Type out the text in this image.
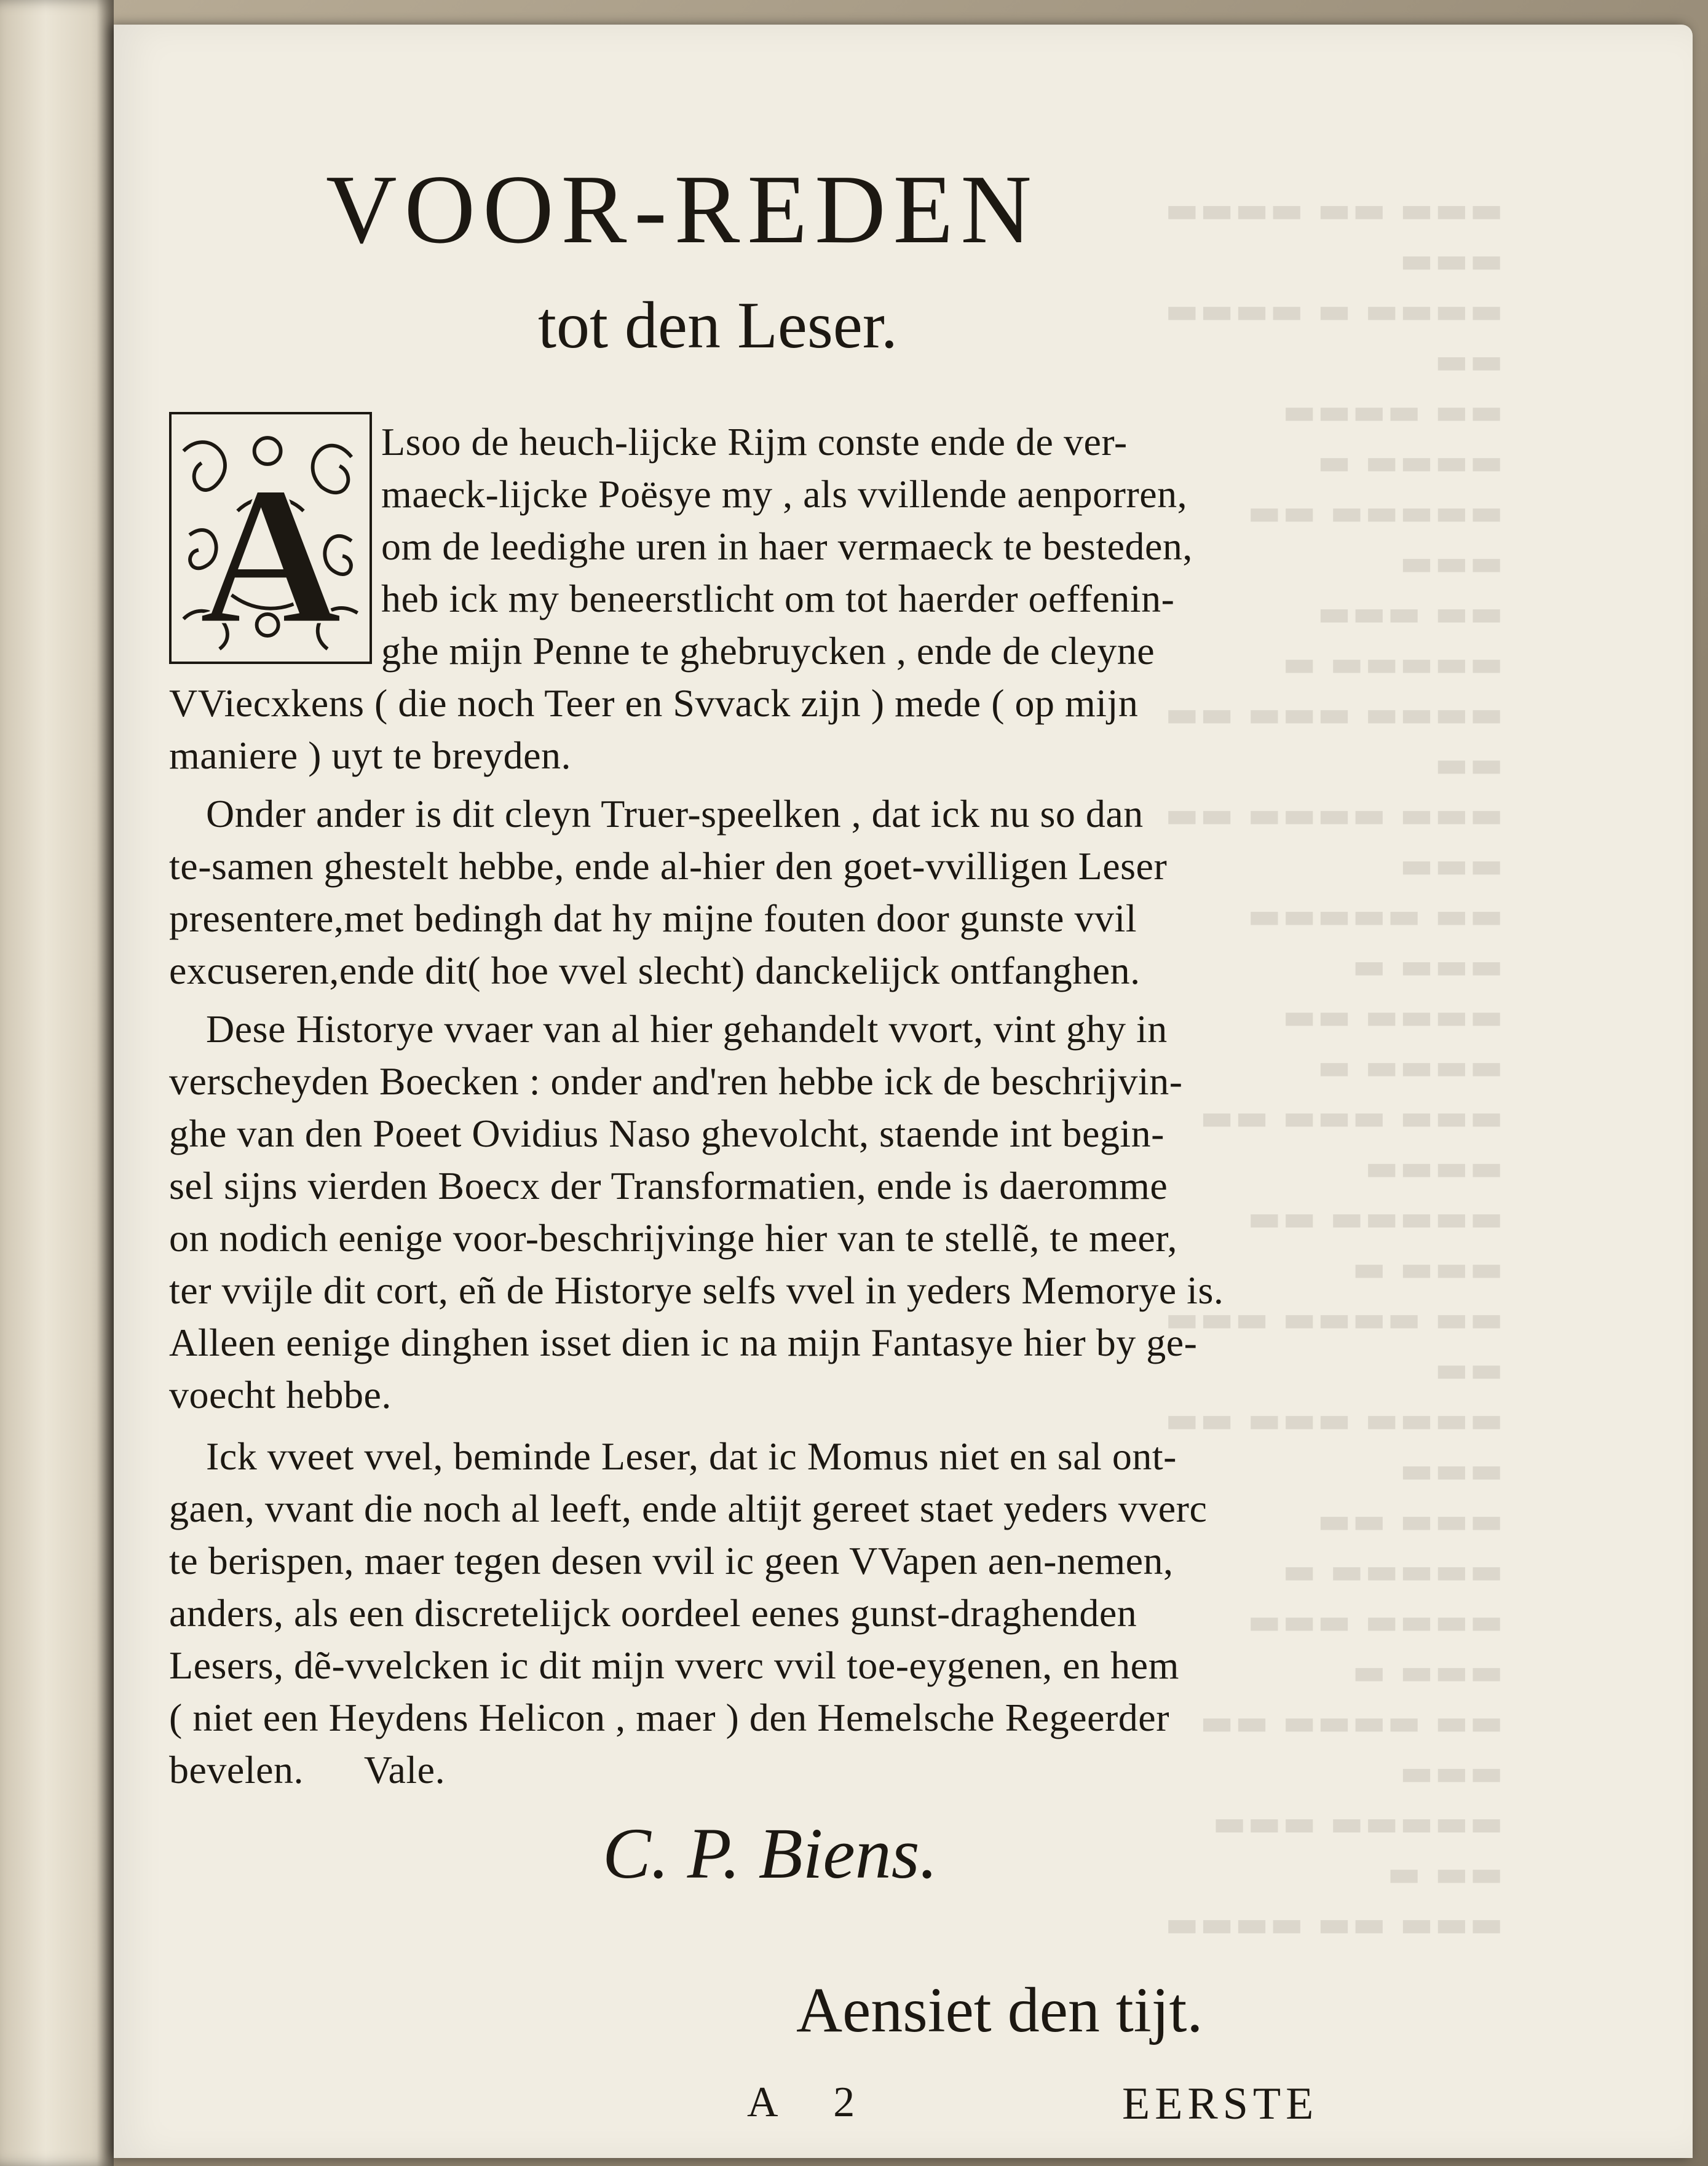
▬▬▬ ▬▬ ▬▬▬▬ ▬▬▬
▬▬▬▬ ▬ ▬▬▬▬ ▬▬
▬▬ ▬▬▬▬ ▬▬▬▬ ▬
▬▬▬▬▬ ▬▬ ▬▬▬
▬▬ ▬▬▬ ▬▬▬▬▬ ▬
▬▬▬▬ ▬▬▬ ▬▬ ▬▬
▬▬▬ ▬▬▬▬ ▬▬ ▬▬▬
▬▬ ▬▬▬▬▬ ▬▬▬ ▬
▬▬▬▬ ▬▬ ▬▬▬▬ ▬
▬▬▬ ▬▬▬ ▬▬ ▬▬▬▬
▬▬▬▬▬ ▬▬ ▬▬▬ ▬
▬▬ ▬▬▬▬ ▬▬▬ ▬▬
▬▬▬▬ ▬▬▬ ▬▬ ▬▬▬
▬▬▬ ▬▬ ▬▬▬▬▬ ▬
▬▬▬▬ ▬▬▬ ▬▬▬ ▬
▬▬ ▬▬▬▬ ▬▬ ▬▬▬
▬▬▬▬▬ ▬▬▬ ▬▬ ▬
▬▬▬ ▬▬ ▬▬▬▬

VOOR-REDEN
tot den Leser.
A
Lsoo de heuch-lijcke Rijm conste ende de ver-
maeck-lijcke Poësye my , als vvillende aenporren,
om de leedighe uren in haer vermaeck te besteden,
heb ick my beneerstlicht om tot haerder oeffenin-
ghe mijn Penne te ghebruycken , ende de cleyne
VViecxkens ( die noch Teer en Svvack zijn ) mede ( op mijn
maniere ) uyt te breyden.
Onder ander is dit cleyn Truer-speelken , dat ick nu so dan
te-samen ghestelt hebbe, ende al-hier den goet-vvilligen Leser
presentere,met bedingh dat hy mijne fouten door gunste vvil
excuseren,ende dit( hoe vvel slecht) danckelijck ontfanghen.
Dese Historye vvaer van al hier gehandelt vvort, vint ghy in
verscheyden Boecken : onder and'ren hebbe ick de beschrijvin-
ghe van den Poeet Ovidius Naso ghevolcht, staende int begin-
sel sijns vierden Boecx der Transformatien, ende is daeromme
on nodich eenige voor-beschrijvinge hier van te stellẽ, te meer,
ter vvijle dit cort, eñ de Historye selfs vvel in yeders Memorye is.
Alleen eenige dinghen isset dien ic na mijn Fantasye hier by ge-
voecht hebbe.
Ick vveet vvel, beminde Leser, dat ic Momus niet en sal ont-
gaen, vvant die noch al leeft, ende altijt gereet staet yeders vverc
te berispen, maer tegen desen vvil ic geen VVapen aen-nemen,
anders, als een discretelijck oordeel eenes gunst-draghenden
Lesers, dẽ-vvelcken ic dit mijn vverc vvil toe-eygenen, en hem
( niet een Heydens Helicon , maer ) den Hemelsche Regeerder
bevelen.      Vale.
C. P. Biens.
Aensiet den tijt.
A 2	EERSTE
